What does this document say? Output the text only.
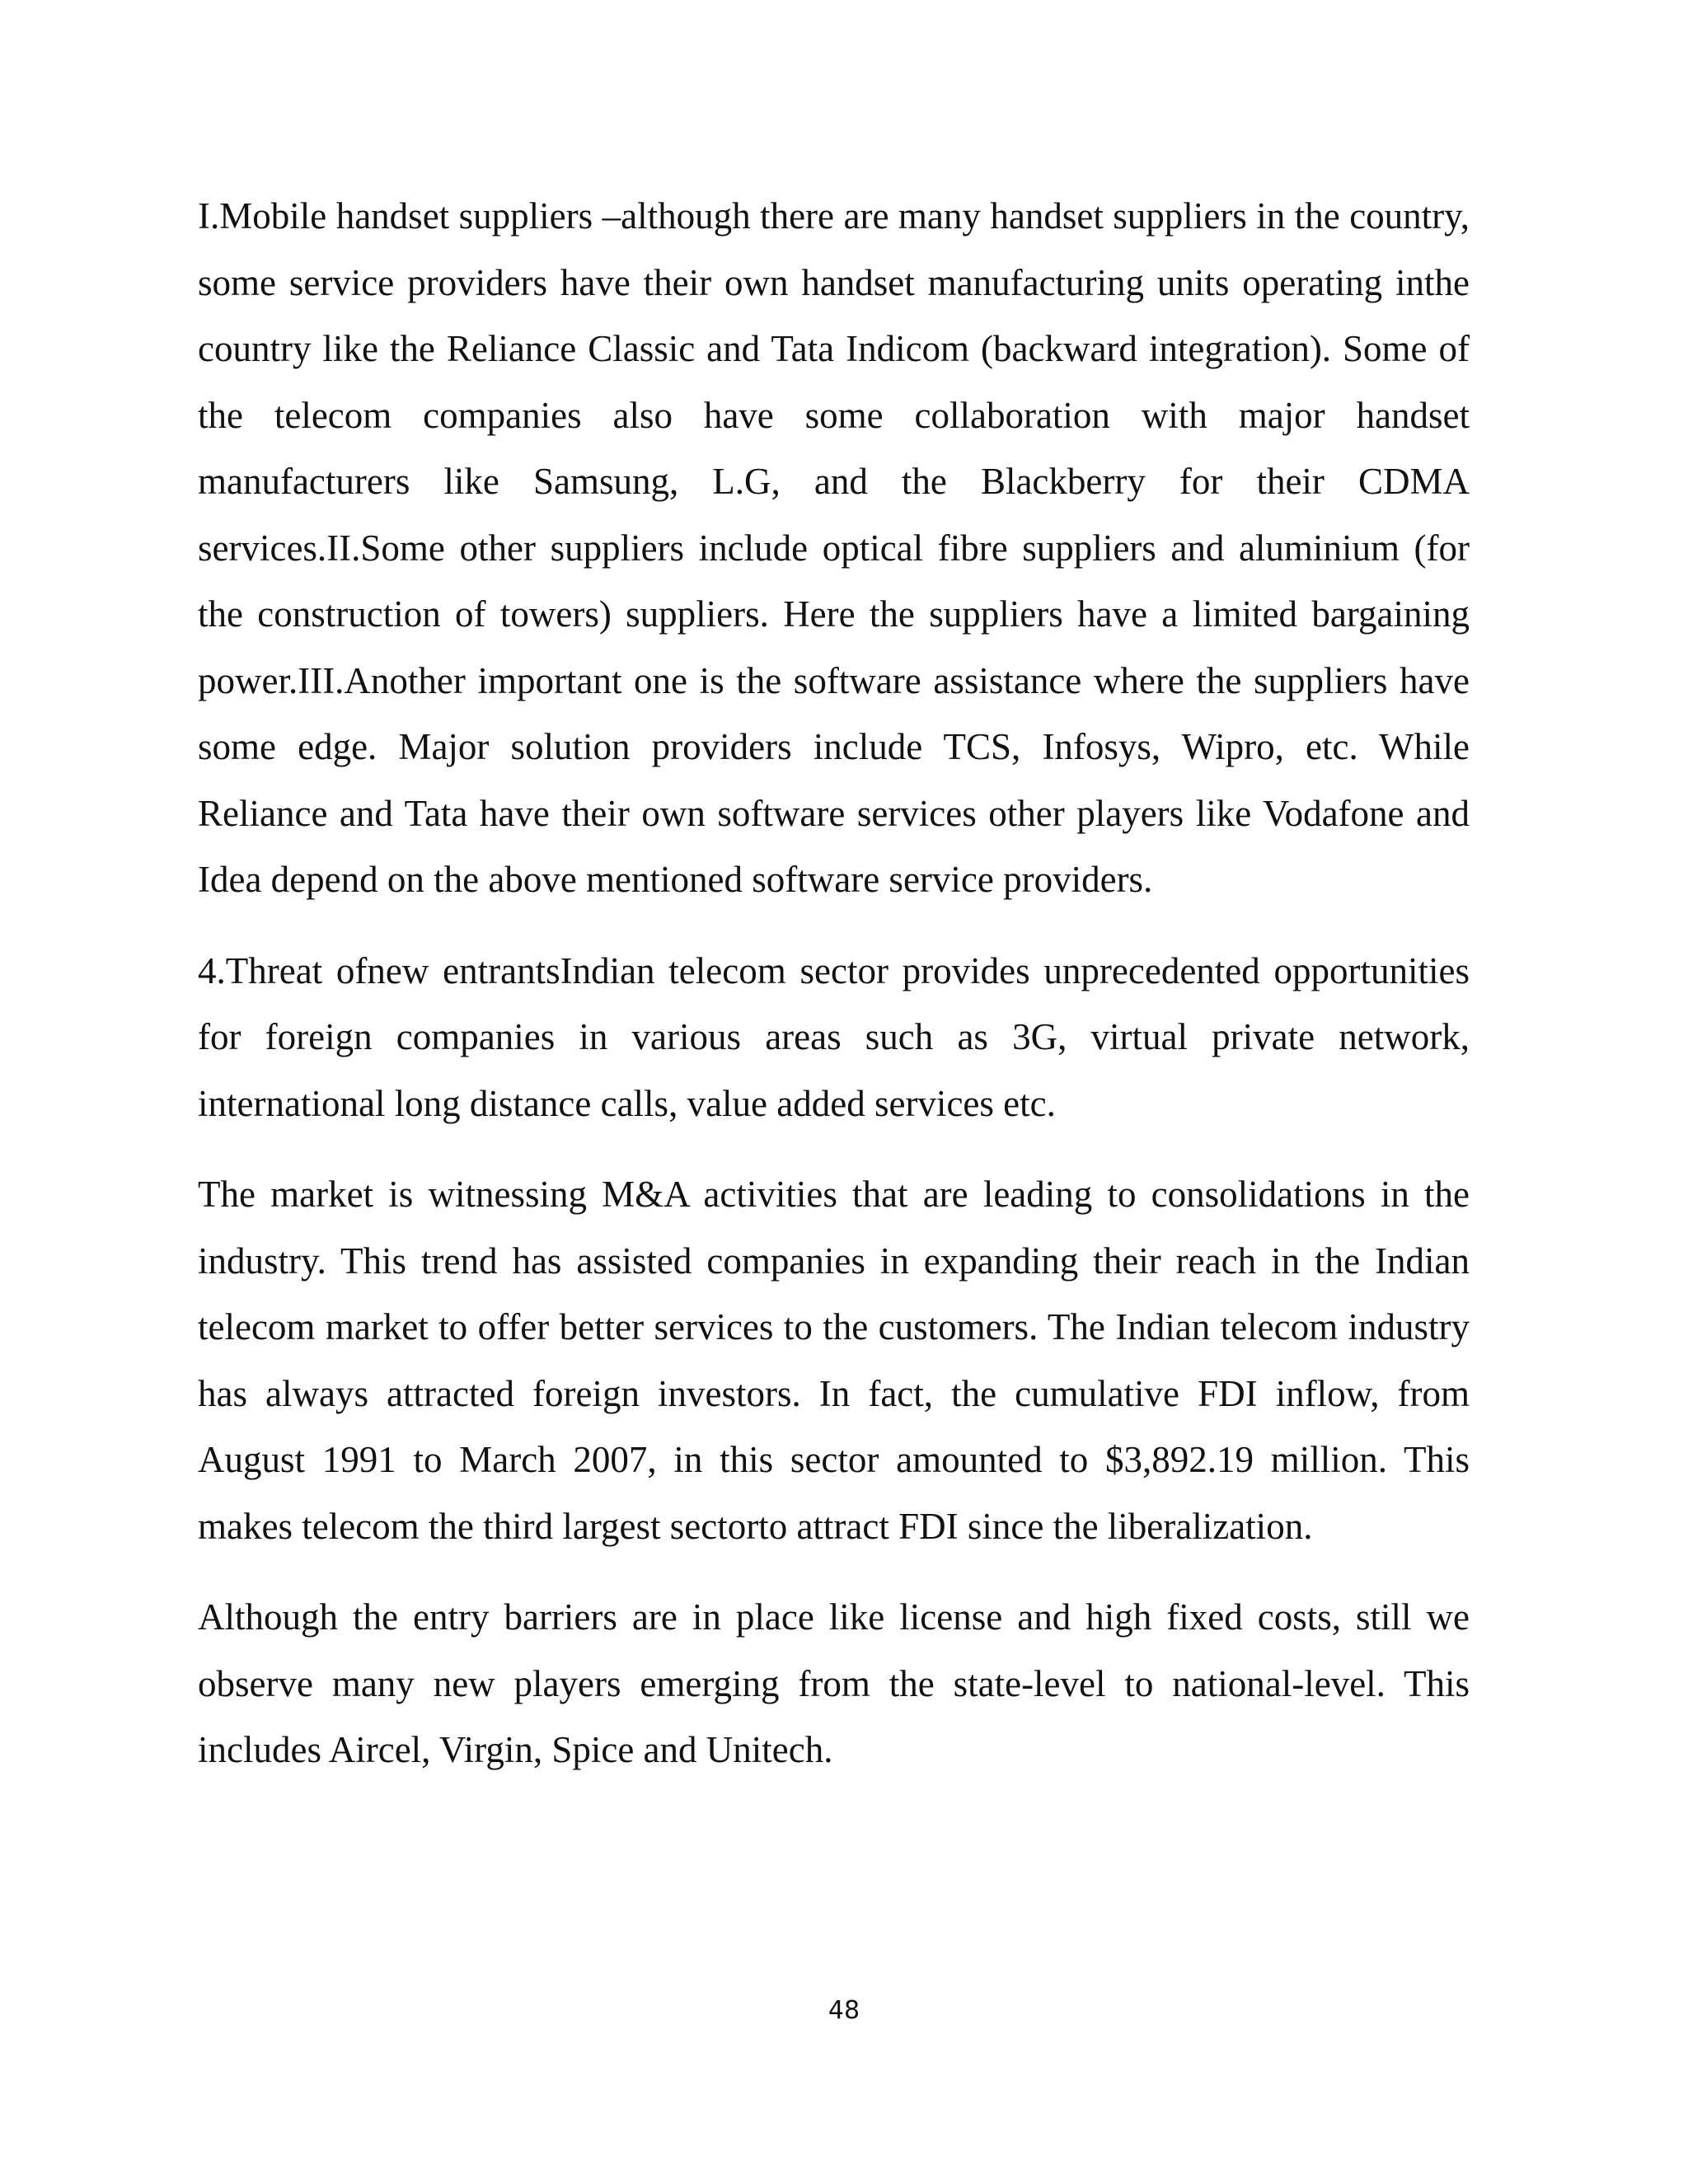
I.Mobile handset suppliers –although there are many handset suppliers in the country, some service providers have their own handset manufacturing units operating inthe country like the Reliance Classic and Tata Indicom (backward integration). Some of the telecom companies also have some collaboration with major handset manufacturers like Samsung, L.G, and the Blackberry for their CDMA services.II.Some other suppliers include optical fibre suppliers and aluminium (for the construction of towers) suppliers. Here the suppliers have a limited bargaining power.III.Another important one is the software assistance where the suppliers have some edge. Major solution providers include TCS, Infosys, Wipro, etc. While Reliance and Tata have their own software services other players like Vodafone and Idea depend on the above mentioned software service providers.

4.Threat ofnew entrantsIndian telecom sector provides unprecedented opportunities for foreign companies in various areas such as 3G, virtual private network, international long distance calls, value added services etc.

The market is witnessing M&A activities that are leading to consolidations in the industry. This trend has assisted companies in expanding their reach in the Indian telecom market to offer better services to the customers. The Indian telecom industry has always attracted foreign investors. In fact, the cumulative FDI inflow, from August 1991 to March 2007, in this sector amounted to $3,892.19 million. This makes telecom the third largest sectorto attract FDI since the liberalization.

Although the entry barriers are in place like license and high fixed costs, still we observe many new players emerging from the state-level to national-level. This includes Aircel, Virgin, Spice and Unitech.

48
